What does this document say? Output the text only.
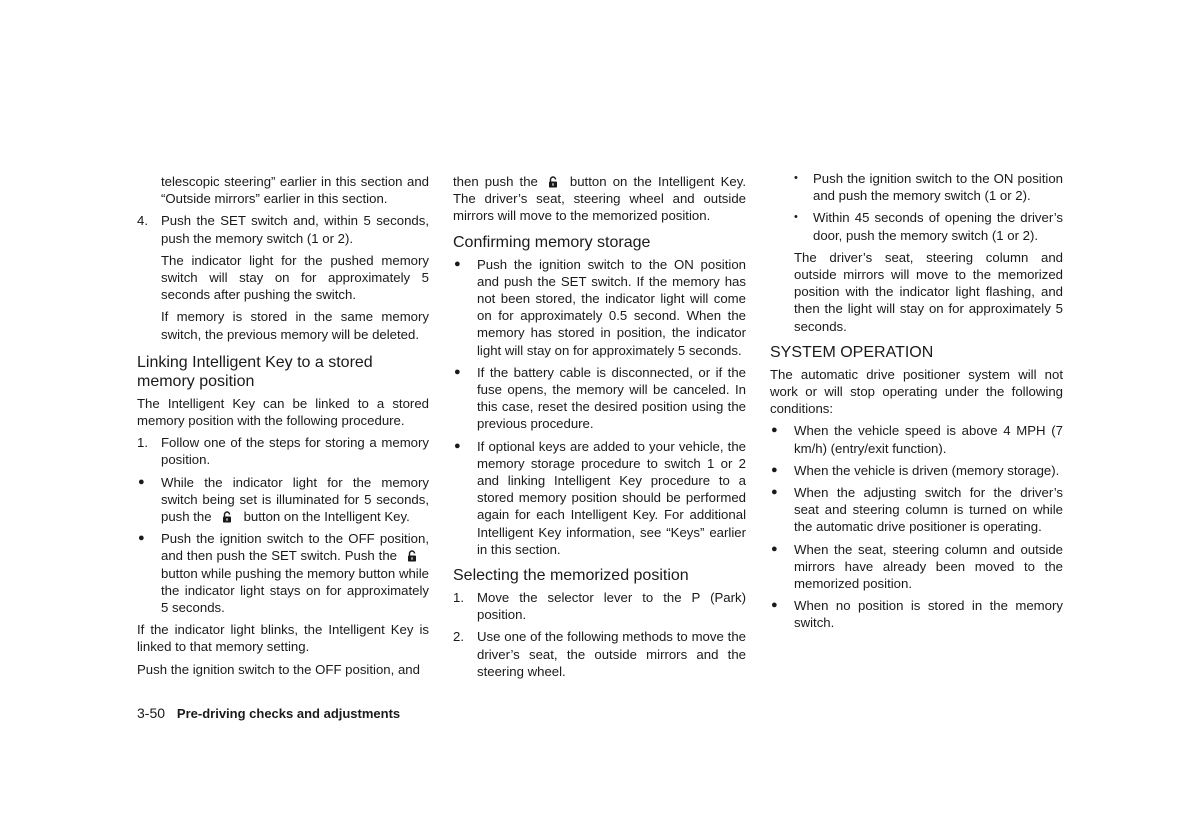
telescopic steering” earlier in this section and “Outside mirrors” earlier in this section.

4. Push the SET switch and, within 5 seconds, push the memory switch (1 or 2).

The indicator light for the pushed memory switch will stay on for approximately 5 seconds after pushing the switch.

If memory is stored in the same memory switch, the previous memory will be deleted.

Linking Intelligent Key to a stored memory position

The Intelligent Key can be linked to a stored memory position with the following procedure.

1. Follow one of the steps for storing a memory position.
● While the indicator light for the memory switch being set is illuminated for 5 seconds, push the button on the Intelligent Key.
● Push the ignition switch to the OFF position, and then push the SET switch. Push thebutton while pushing the memory button while the indicator light stays on for approximately 5 seconds.

If the indicator light blinks, the Intelligent Key is linked to that memory setting.

Push the ignition switch to the OFF position, and

then push the button on the Intelligent Key. The driver’s seat, steering wheel and outside mirrors will move to the memorized position.

Confirming memory storage
● Push the ignition switch to the ON position and push the SET switch. If the memory has not been stored, the indicator light will come on for approximately 0.5 second. When the memory has stored in position, the indicator light will stay on for approximately 5 seconds.
● If the battery cable is disconnected, or if the fuse opens, the memory will be canceled. In this case, reset the desired position using the previous procedure.
● If optional keys are added to your vehicle, the memory storage procedure to switch 1 or 2 and linking Intelligent Key procedure to a stored memory position should be performed again for each Intelligent Key. For additional Intelligent Key information, see “Keys” earlier in this section.
Selecting the memorized position
1. Move the selector lever to the P (Park) position.
2. Use one of the following methods to move the driver’s seat, the outside mirrors and the steering wheel.
• Push the ignition switch to the ON position and push the memory switch (1 or 2).
• Within 45 seconds of opening the driver’s door, push the memory switch (1 or 2).

The driver’s seat, steering column and outside mirrors will move to the memorized position with the indicator light flashing, and then the light will stay on for approximately 5 seconds.

SYSTEM OPERATION

The automatic drive positioner system will not work or will stop operating under the following conditions:

● When the vehicle speed is above 4 MPH (7 km/h) (entry/exit function).
● When the vehicle is driven (memory storage).
● When the adjusting switch for the driver’s seat and steering column is turned on while the automatic drive positioner is operating.
● When the seat, steering column and outside mirrors have already been moved to the memorized position.
● When no position is stored in the memory switch.
3-50 Pre-driving checks and adjustments
